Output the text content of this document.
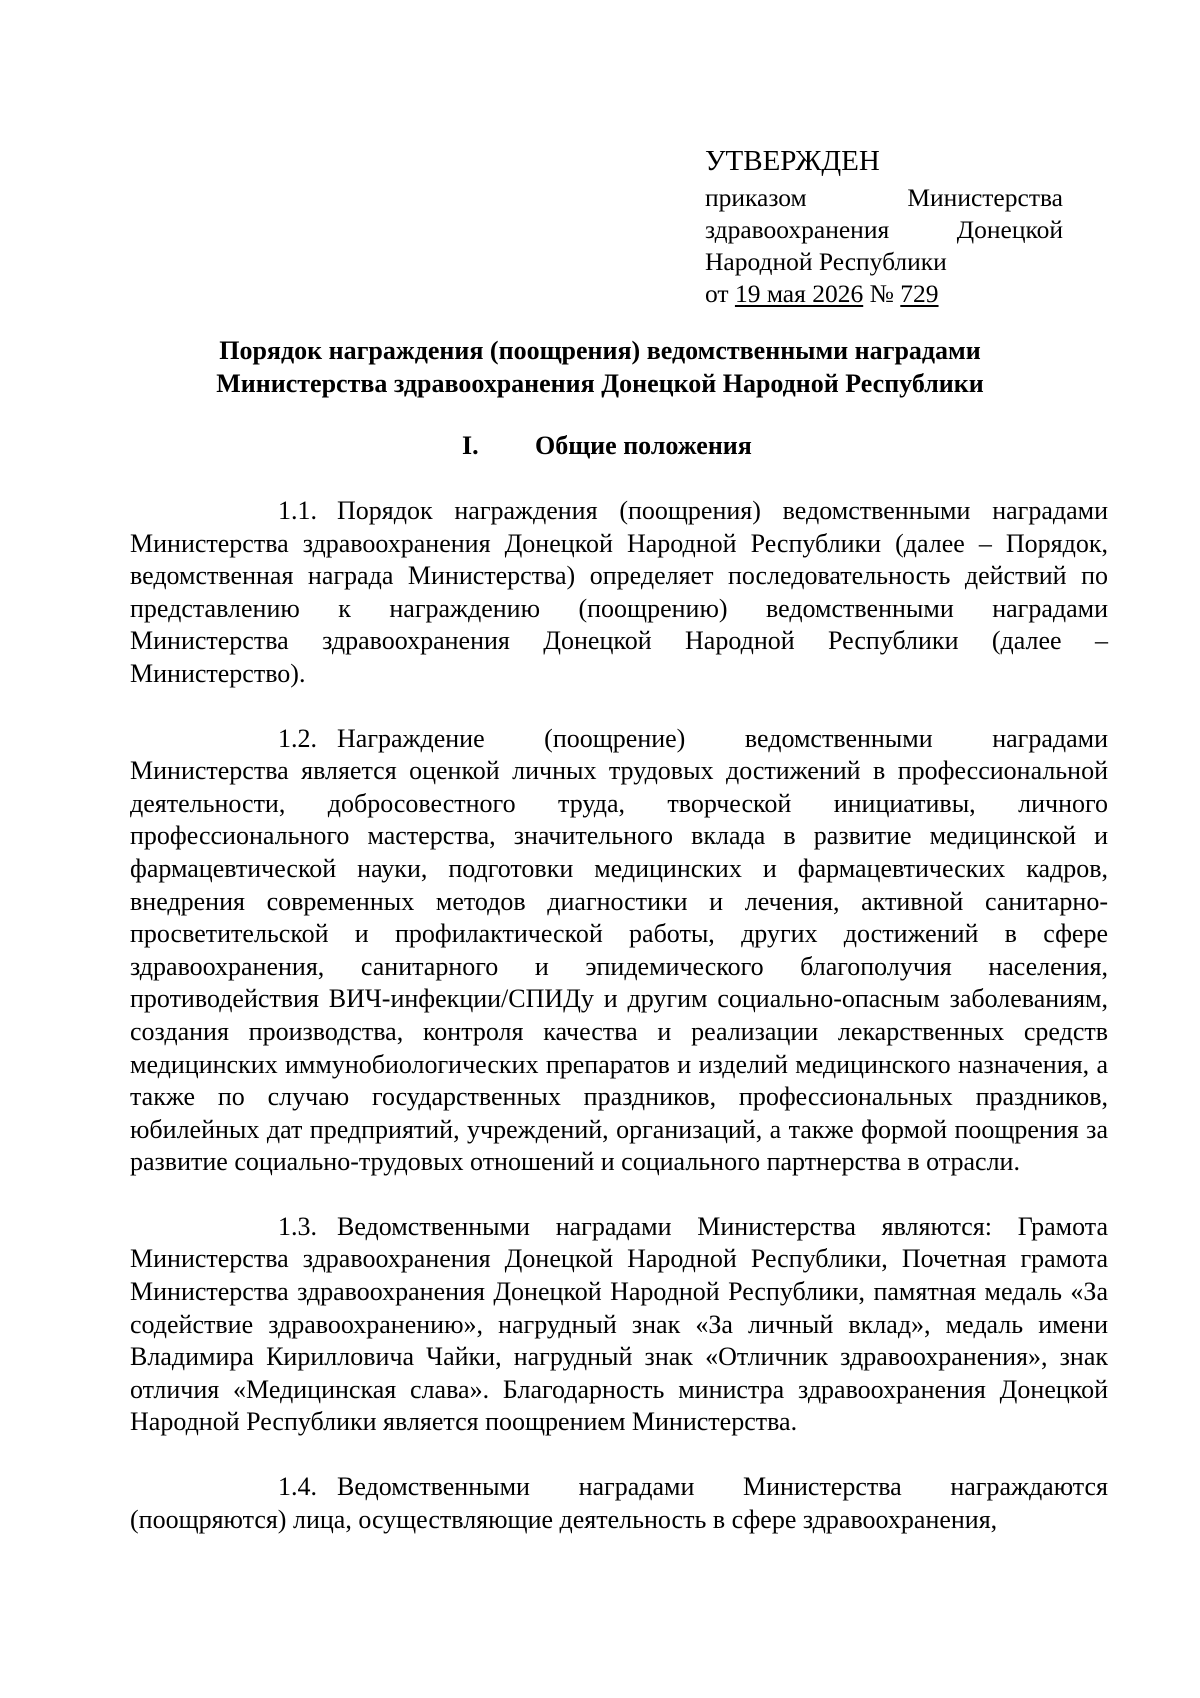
УТВЕРЖДЕН
приказом	Министерства
здравоохранения	Донецкой
Народной Республики
от 19 мая 2026 № 729
Порядок награждения (поощрения) ведомственными наградами
Министерства здравоохранения Донецкой Народной Республики
I. Общие положения

1.1. Порядок награждения (поощрения) ведомственными наградами Министерства здравоохранения Донецкой Народной Республики (далее – Порядок, ведомственная награда Министерства) определяет последовательность действий по представлению к награждению (поощрению) ведомственными наградами Министерства здравоохранения Донецкой Народной Республики (далее – Министерство).

1.2. Награждение (поощрение) ведомственными наградами Министерства является оценкой личных трудовых достижений в профессиональной деятельности, добросовестного труда, творческой инициативы, личного профессионального мастерства, значительного вклада в развитие медицинской и фармацевтической науки, подготовки медицинских и фармацевтических кадров, внедрения современных методов диагностики и лечения, активной санитарно-просветительской и профилактической работы, других достижений в сфере здравоохранения, санитарного и эпидемического благополучия населения, противодействия ВИЧ-инфекции/СПИДу и другим социально-опасным заболеваниям, создания производства, контроля качества и реализации лекарственных средств медицинских иммунобиологических препаратов и изделий медицинского назначения, а также по случаю государственных праздников, профессиональных праздников, юбилейных дат предприятий, учреждений, организаций, а также формой поощрения за развитие социально-трудовых отношений и социального партнерства в отрасли.

1.3. Ведомственными наградами Министерства являются: Грамота Министерства здравоохранения Донецкой Народной Республики, Почетная грамота Министерства здравоохранения Донецкой Народной Республики, памятная медаль «За содействие здравоохранению», нагрудный знак «За личный вклад», медаль имени Владимира Кирилловича Чайки, нагрудный знак «Отличник здравоохранения», знак отличия «Медицинская слава». Благодарность министра здравоохранения Донецкой Народной Республики является поощрением Министерства.

1.4. Ведомственными наградами Министерства награждаются (поощряются) лица, осуществляющие деятельность в сфере здравоохранения,
